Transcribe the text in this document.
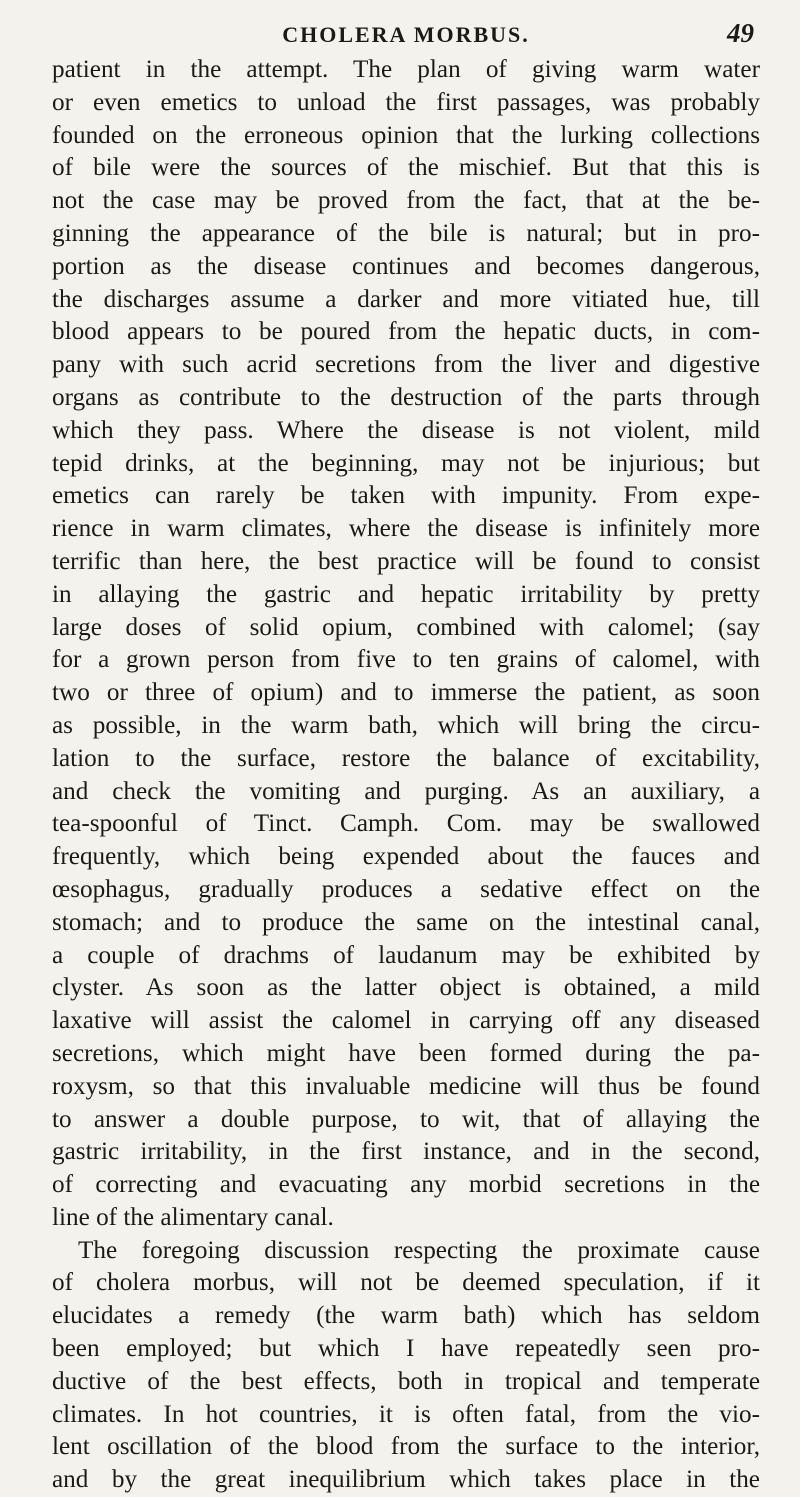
CHOLERA MORBUS.	49
patient in the attempt. The plan of giving warm water
or even emetics to unload the first passages, was probably
founded on the erroneous opinion that the lurking collections
of bile were the sources of the mischief. But that this is
not the case may be proved from the fact, that at the be-
ginning the appearance of the bile is natural; but in pro-
portion as the disease continues and becomes dangerous,
the discharges assume a darker and more vitiated hue, till
blood appears to be poured from the hepatic ducts, in com-
pany with such acrid secretions from the liver and digestive
organs as contribute to the destruction of the parts through
which they pass. Where the disease is not violent, mild
tepid drinks, at the beginning, may not be injurious; but
emetics can rarely be taken with impunity. From expe-
rience in warm climates, where the disease is infinitely more
terrific than here, the best practice will be found to consist
in allaying the gastric and hepatic irritability by pretty
large doses of solid opium, combined with calomel; (say
for a grown person from five to ten grains of calomel, with
two or three of opium) and to immerse the patient, as soon
as possible, in the warm bath, which will bring the circu-
lation to the surface, restore the balance of excitability,
and check the vomiting and purging. As an auxiliary, a
tea-spoonful of Tinct. Camph. Com. may be swallowed
frequently, which being expended about the fauces and
œsophagus, gradually produces a sedative effect on the
stomach; and to produce the same on the intestinal canal,
a couple of drachms of laudanum may be exhibited by
clyster. As soon as the latter object is obtained, a mild
laxative will assist the calomel in carrying off any diseased
secretions, which might have been formed during the pa-
roxysm, so that this invaluable medicine will thus be found
to answer a double purpose, to wit, that of allaying the
gastric irritability, in the first instance, and in the second,
of correcting and evacuating any morbid secretions in the
line of the alimentary canal.
The foregoing discussion respecting the proximate cause
of cholera morbus, will not be deemed speculation, if it
elucidates a remedy (the warm bath) which has seldom
been employed; but which I have repeatedly seen pro-
ductive of the best effects, both in tropical and temperate
climates. In hot countries, it is often fatal, from the vio-
lent oscillation of the blood from the surface to the interior,
and by the great inequilibrium which takes place in the
